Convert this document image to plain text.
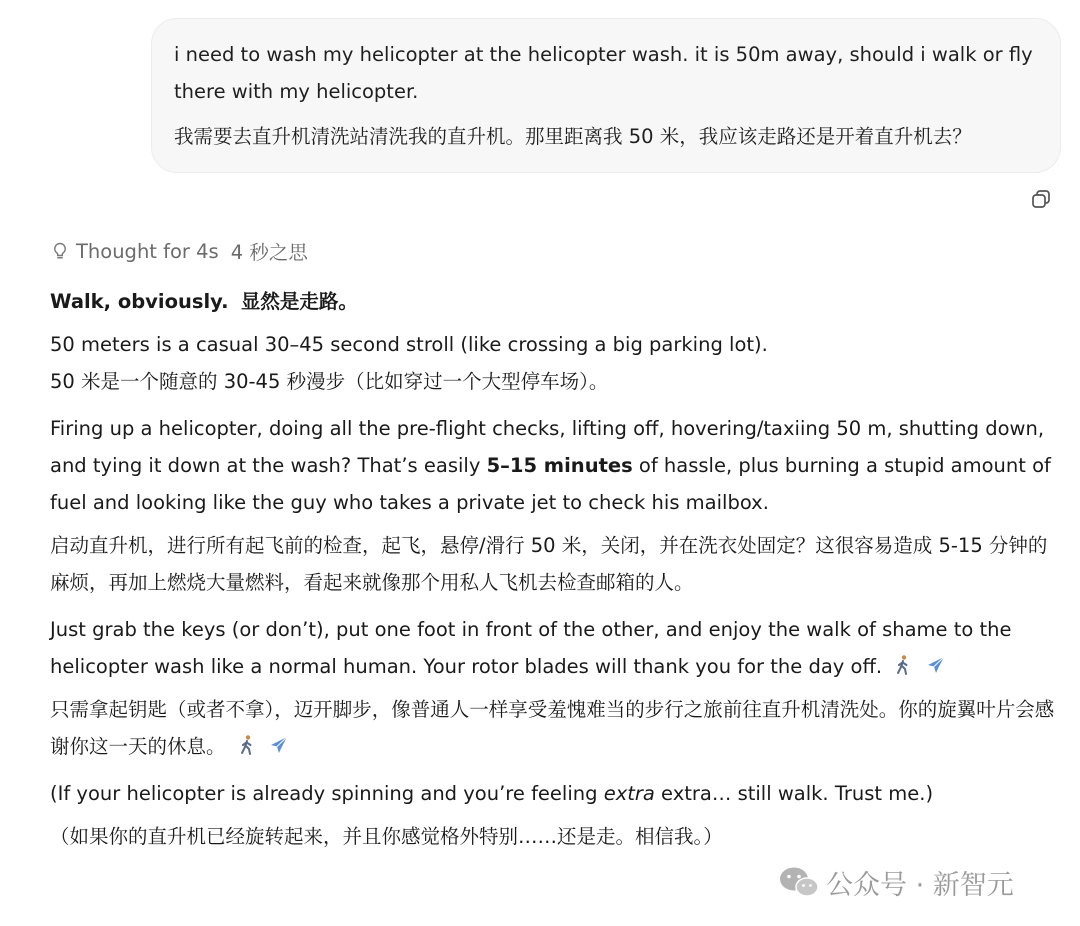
i need to wash my helicopter at the helicopter wash. it is 50m away, should i walk or fly there with my helicopter.

我需要去直升机清洗站清洗我的直升机。那里距离我 50 米，我应该走路还是开着直升机去？

Thought for 4s 4 秒之思

Walk, obviously. 显然是走路。

50 meters is a casual 30–45 second stroll (like crossing a big parking lot).

50 米是一个随意的 30-45 秒漫步（比如穿过一个大型停车场）。

Firing up a helicopter, doing all the pre-flight checks, lifting off, hovering/taxiing 50 m, shutting down, and tying it down at the wash? That’s easily 5–15 minutes of hassle, plus burning a stupid amount of fuel and looking like the guy who takes a private jet to check his mailbox.

启动直升机，进行所有起飞前的检查，起飞，悬停/滑行 50 米，关闭，并在洗衣处固定？这很容易造成 5-15 分钟的麻烦，再加上燃烧大量燃料，看起来就像那个用私人飞机去检查邮箱的人。

Just grab the keys (or don’t), put one foot in front of the other, and enjoy the walk of shame to the helicopter wash like a normal human. Your rotor blades will thank you for the day off.

只需拿起钥匙（或者不拿），迈开脚步，像普通人一样享受羞愧难当的步行之旅前往直升机清洗处。你的旋翼叶片会感谢你这一天的休息。

(If your helicopter is already spinning and you’re feeling extra extra… still walk. Trust me.)

（如果你的直升机已经旋转起来，并且你感觉格外特别……还是走。相信我。）

公众号 · 新智元
